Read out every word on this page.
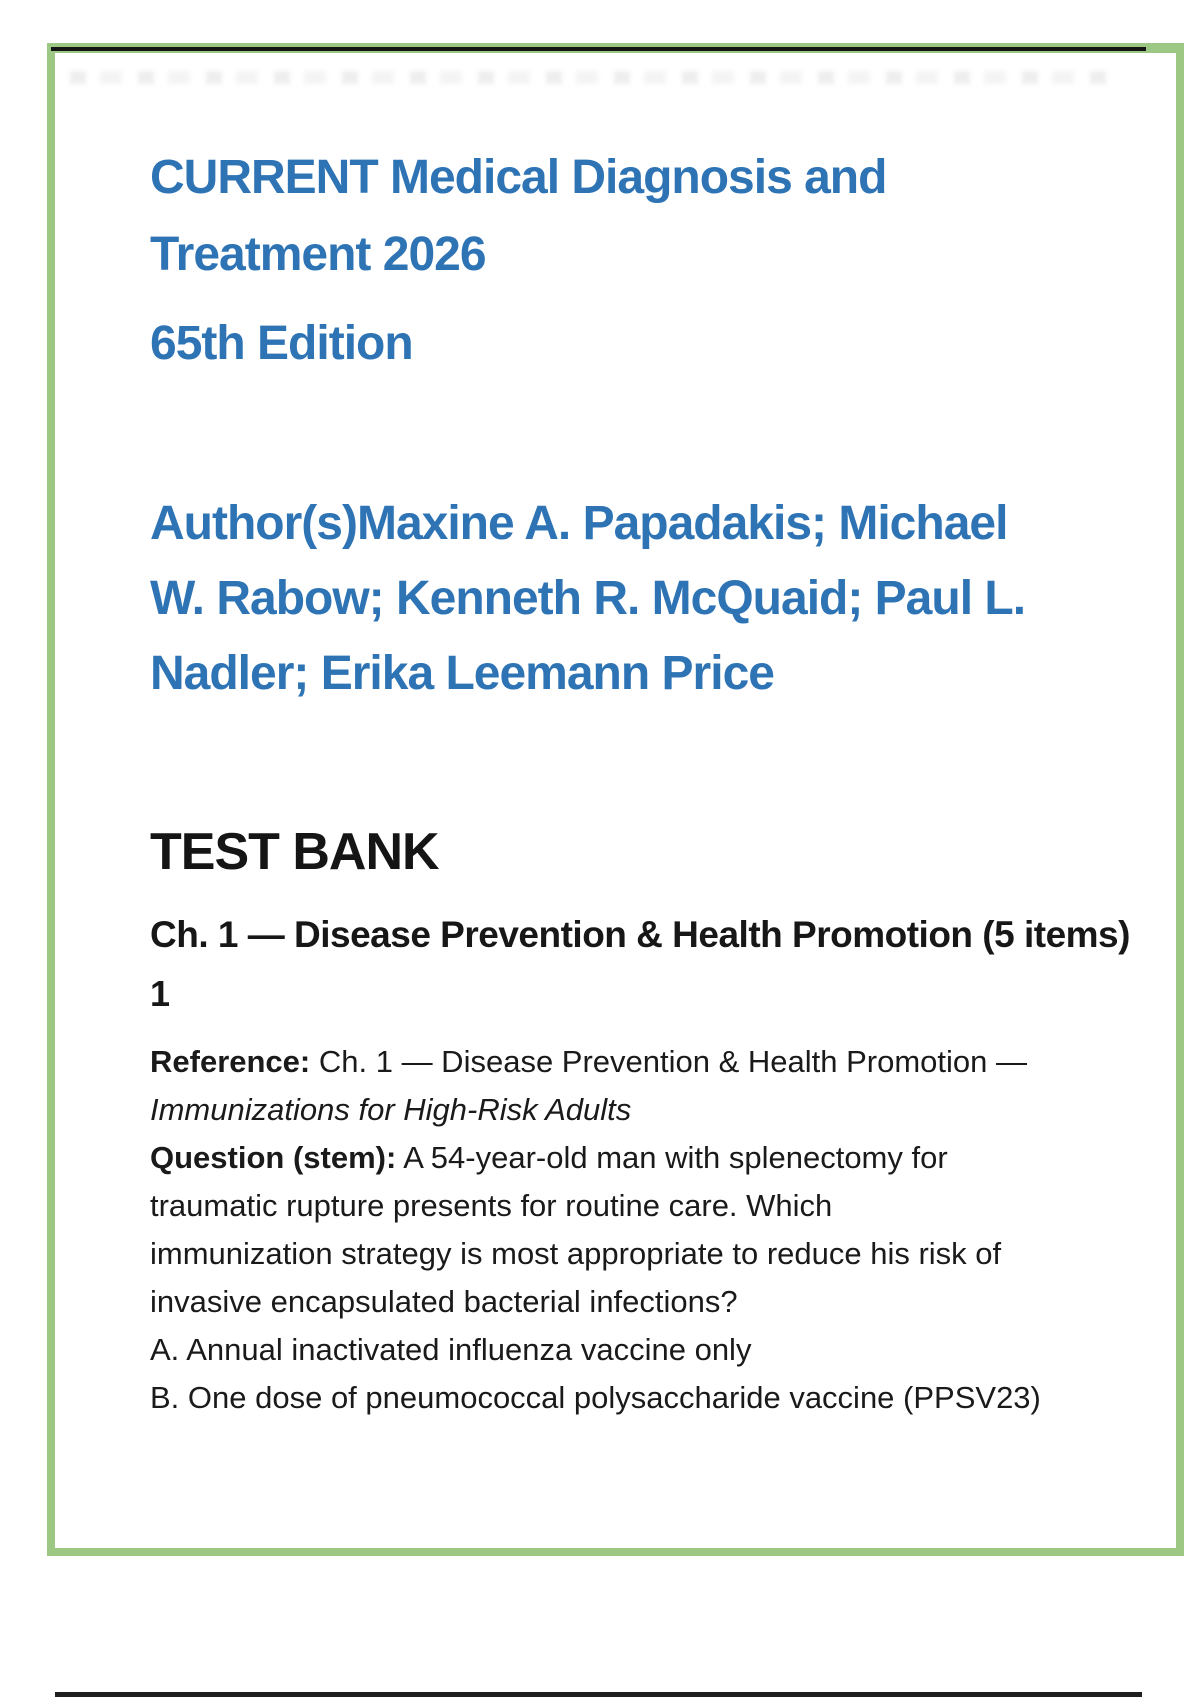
CURRENT Medical Diagnosis and
Treatment 2026
65th Edition
Author(s)Maxine A. Papadakis; Michael
W. Rabow; Kenneth R. McQuaid; Paul L.
Nadler; Erika Leemann Price
TEST BANK
Ch. 1 — Disease Prevention & Health Promotion (5 items)
1
Reference: Ch. 1 — Disease Prevention & Health Promotion —
Immunizations for High-Risk Adults
Question (stem): A 54-year-old man with splenectomy for
traumatic rupture presents for routine care. Which
immunization strategy is most appropriate to reduce his risk of
invasive encapsulated bacterial infections?
A. Annual inactivated influenza vaccine only
B. One dose of pneumococcal polysaccharide vaccine (PPSV23)
